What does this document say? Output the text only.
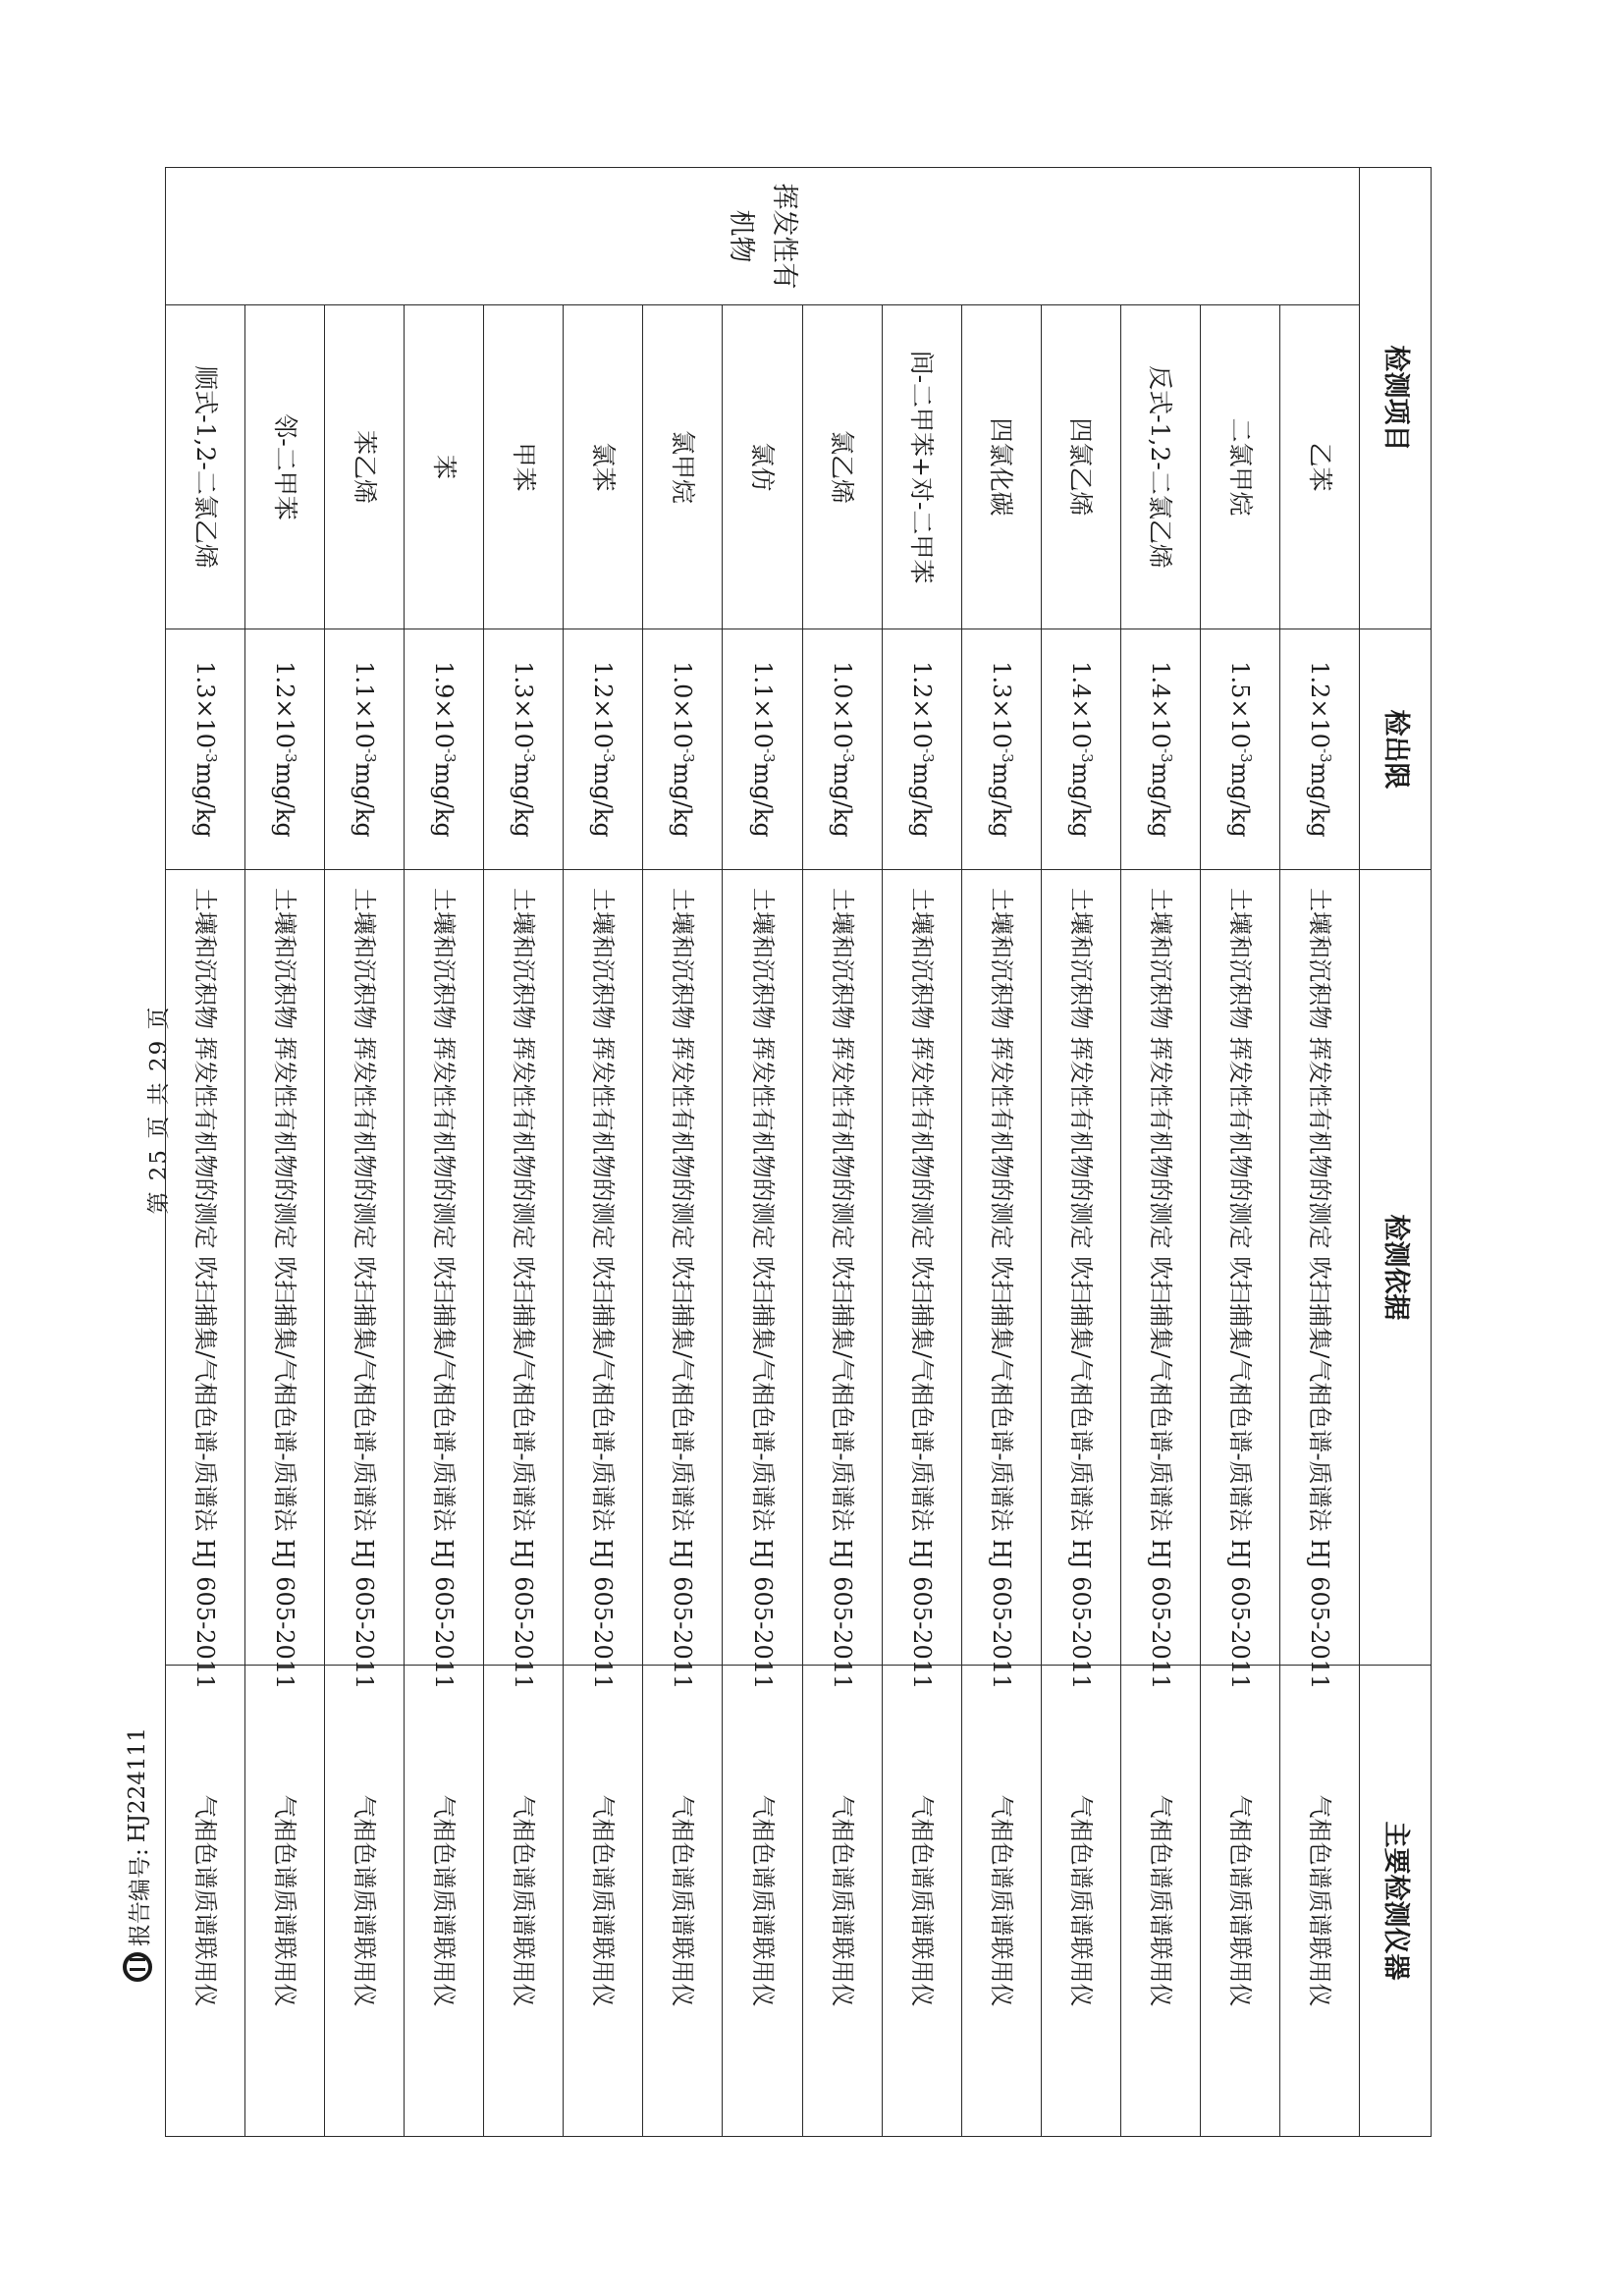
报告编号:
HJ224111
第 25 页 共 29 页
检测项目		检出限	检测依据	主要检测仪器
挥发性有机物	乙苯	$1.2\times 10^{-3}mg/kg$	土壤和沉积物 挥发性有机物的测定 吹扫捕集/气相色谱-质谱法 HJ 605-2011	气相色谱质谱联用仪
	二氯甲烷	$1.5\times 10^{-3}mg/kg$	土壤和沉积物 挥发性有机物的测定 吹扫捕集/气相色谱-质谱法 HJ 605-2011	气相色谱质谱联用仪
	反式-1,2-二氯乙烯	$1.4\times 10^{-3}mg/kg$	土壤和沉积物 挥发性有机物的测定 吹扫捕集/气相色谱-质谱法 HJ 605-2011	气相色谱质谱联用仪
	四氯乙烯	$1.4\times 10^{-3}mg/kg$	土壤和沉积物 挥发性有机物的测定 吹扫捕集/气相色谱-质谱法 HJ 605-2011	气相色谱质谱联用仪
	四氯化碳	$1.3\times 10^{-3}mg/kg$	土壤和沉积物 挥发性有机物的测定 吹扫捕集/气相色谱-质谱法 HJ 605-2011	气相色谱质谱联用仪
	间-二甲苯+对-二甲苯	$1.2\times 10^{-3}mg/kg$	土壤和沉积物 挥发性有机物的测定 吹扫捕集/气相色谱-质谱法 HJ 605-2011	气相色谱质谱联用仪
	氯乙烯	$1.0\times 10^{-3}mg/kg$	土壤和沉积物 挥发性有机物的测定 吹扫捕集/气相色谱-质谱法 HJ 605-2011	气相色谱质谱联用仪
	氯仿	$1.1\times 10^{-3}mg/kg$	土壤和沉积物 挥发性有机物的测定 吹扫捕集/气相色谱-质谱法 HJ 605-2011	气相色谱质谱联用仪
	氯甲烷	$1.0\times 10^{-3}mg/kg$	土壤和沉积物 挥发性有机物的测定 吹扫捕集/气相色谱-质谱法 HJ 605-2011	气相色谱质谱联用仪
	氯苯	$1.2\times 10^{-3}mg/kg$	土壤和沉积物 挥发性有机物的测定 吹扫捕集/气相色谱-质谱法 HJ 605-2011	气相色谱质谱联用仪
	甲苯	$1.3\times 10^{-3}mg/kg$	土壤和沉积物 挥发性有机物的测定 吹扫捕集/气相色谱-质谱法 HJ 605-2011	气相色谱质谱联用仪
	苯	$1.9\times 10^{-3}mg/kg$	土壤和沉积物 挥发性有机物的测定 吹扫捕集/气相色谱-质谱法 HJ 605-2011	气相色谱质谱联用仪
	苯乙烯	$1.1\times 10^{-3}mg/kg$	土壤和沉积物 挥发性有机物的测定 吹扫捕集/气相色谱-质谱法 HJ 605-2011	气相色谱质谱联用仪
	邻-二甲苯	$1.2\times 10^{-3}mg/kg$	土壤和沉积物 挥发性有机物的测定 吹扫捕集/气相色谱-质谱法 HJ 605-2011	气相色谱质谱联用仪
	顺式-1,2-二氯乙烯	$1.3\times 10^{-3}mg/kg$	土壤和沉积物 挥发性有机物的测定 吹扫捕集/气相色谱-质谱法 HJ 605-2011	气相色谱质谱联用仪
